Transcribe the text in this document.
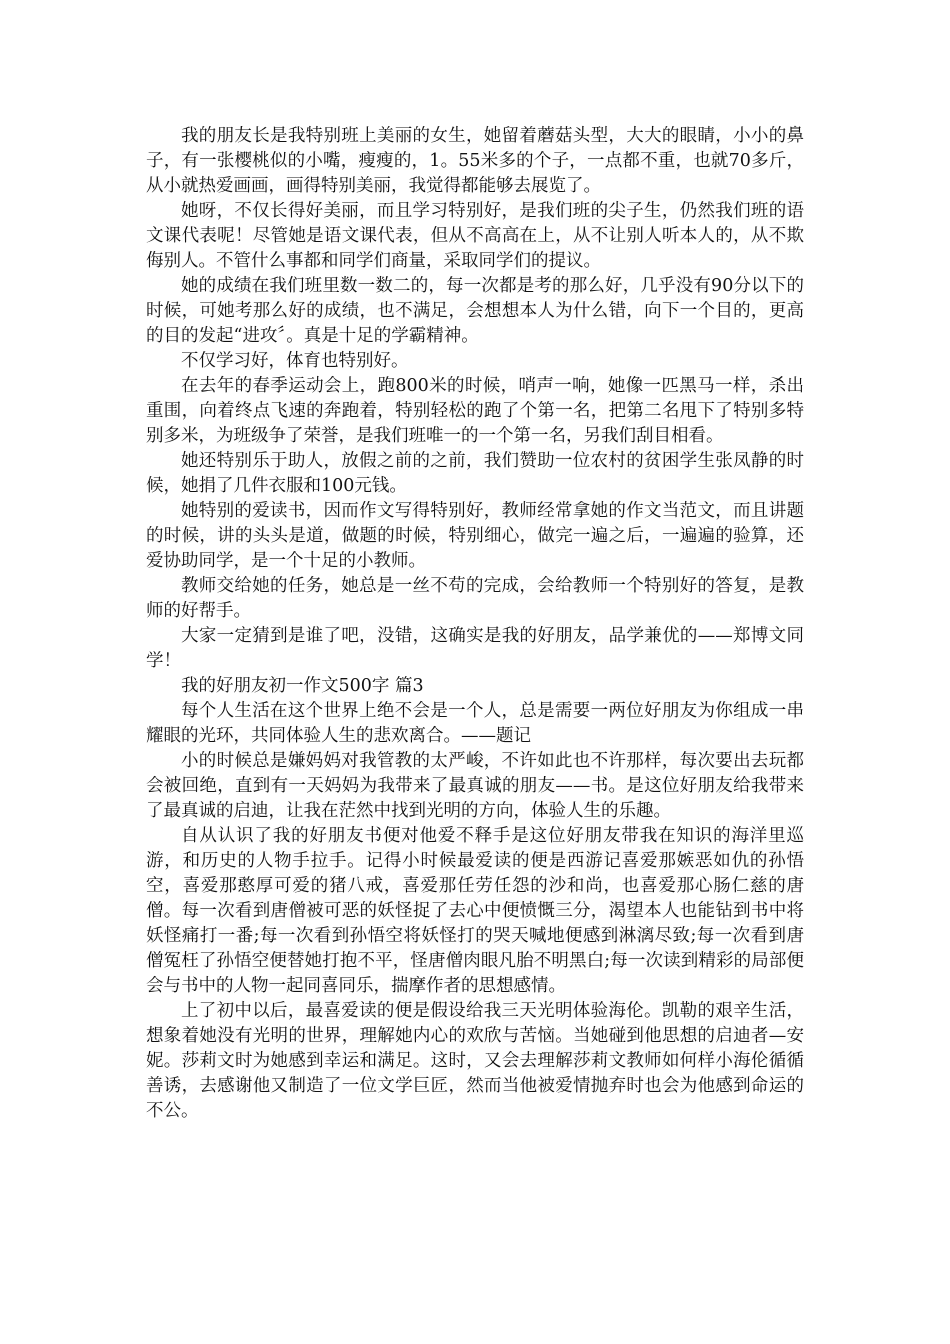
我的朋友长是我特别班上美丽的女生，她留着蘑菇头型，大大的眼睛，小小的鼻子，有一张樱桃似的小嘴，瘦瘦的，1。55米多的个子，一点都不重，也就70多斤，从小就热爱画画，画得特别美丽，我觉得都能够去展览了。

她呀，不仅长得好美丽，而且学习特别好，是我们班的尖子生，仍然我们班的语文课代表呢！尽管她是语文课代表，但从不高高在上，从不让别人听本人的，从不欺侮别人。不管什么事都和同学们商量，采取同学们的提议。

她的成绩在我们班里数一数二的，每一次都是考的那么好，几乎没有90分以下的时候，可她考那么好的成绩，也不满足，会想想本人为什么错，向下一个目的，更高的目的发起“进攻〞。真是十足的学霸精神。

不仅学习好，体育也特别好。

在去年的春季运动会上，跑800米的时候，哨声一响，她像一匹黑马一样，杀出重围，向着终点飞速的奔跑着，特别轻松的跑了个第一名，把第二名甩下了特别多特别多米，为班级争了荣誉，是我们班唯一的一个第一名，另我们刮目相看。

她还特别乐于助人，放假之前的之前，我们赞助一位农村的贫困学生张凤静的时候，她捐了几件衣服和100元钱。

她特别的爱读书，因而作文写得特别好，教师经常拿她的作文当范文，而且讲题的时候，讲的头头是道，做题的时候，特别细心，做完一遍之后，一遍遍的验算，还爱协助同学，是一个十足的小教师。

教师交给她的任务，她总是一丝不苟的完成，会给教师一个特别好的答复，是教师的好帮手。

大家一定猜到是谁了吧，没错，这确实是我的好朋友，品学兼优的——郑博文同学！

我的好朋友初一作文500字 篇3

每个人生活在这个世界上绝不会是一个人，总是需要一两位好朋友为你组成一串耀眼的光环，共同体验人生的悲欢离合。——题记

小的时候总是嫌妈妈对我管教的太严峻，不许如此也不许那样，每次要出去玩都会被回绝，直到有一天妈妈为我带来了最真诚的朋友——书。是这位好朋友给我带来了最真诚的启迪，让我在茫然中找到光明的方向，体验人生的乐趣。

自从认识了我的好朋友书便对他爱不释手是这位好朋友带我在知识的海洋里巡游，和历史的人物手拉手。记得小时候最爱读的便是西游记喜爱那嫉恶如仇的孙悟空，喜爱那憨厚可爱的猪八戒，喜爱那任劳任怨的沙和尚，也喜爱那心肠仁慈的唐僧。每一次看到唐僧被可恶的妖怪捉了去心中便愤慨三分，渴望本人也能钻到书中将妖怪痛打一番;每一次看到孙悟空将妖怪打的哭天喊地便感到淋漓尽致;每一次看到唐僧冤枉了孙悟空便替她打抱不平，怪唐僧肉眼凡胎不明黑白;每一次读到精彩的局部便会与书中的人物一起同喜同乐，揣摩作者的思想感情。

上了初中以后，最喜爱读的便是假设给我三天光明体验海伦。凯勒的艰辛生活，想象着她没有光明的世界，理解她内心的欢欣与苦恼。当她碰到他思想的启迪者—安妮。莎莉文时为她感到幸运和满足。这时，又会去理解莎莉文教师如何样小海伦循循善诱，去感谢他又制造了一位文学巨匠，然而当他被爱情抛弃时也会为他感到命运的不公。
